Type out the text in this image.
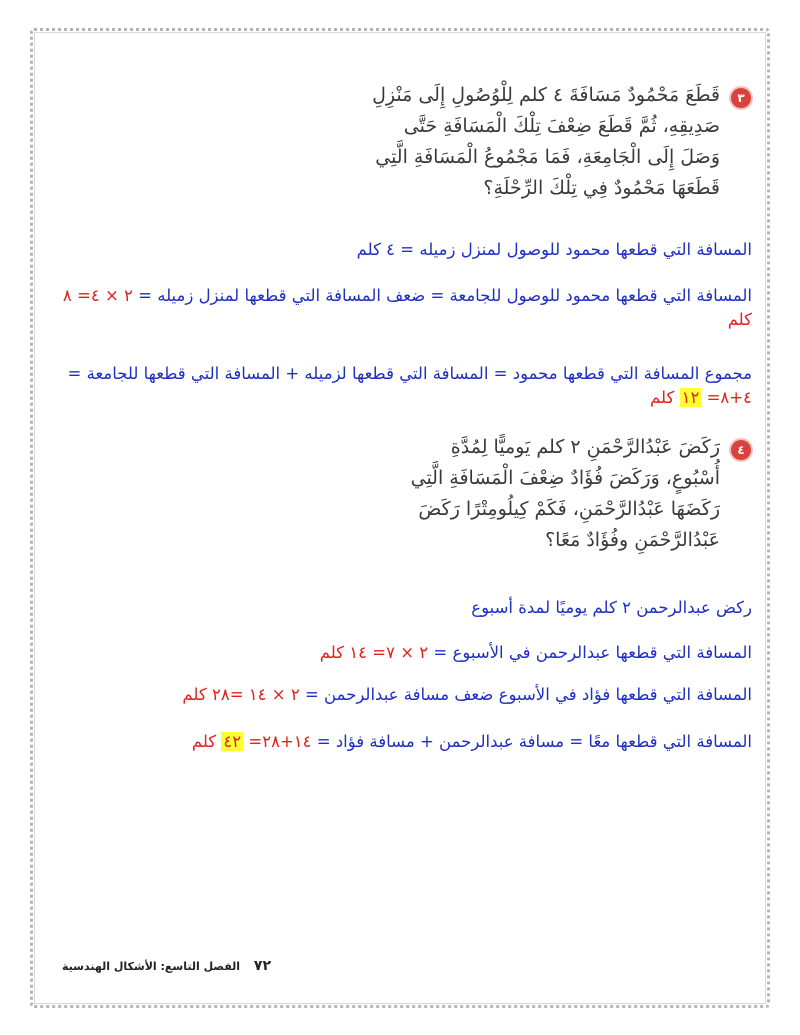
٣
قَطَعَ مَحْمُودٌ مَسَافَةَ ٤ كلم لِلْوُصُولِ إِلَى مَنْزِلِ
صَدِيقِهِ، ثُمَّ قَطَعَ ضِعْفَ تِلْكَ الْمَسَافَةِ حَتَّى
وَصَلَ إِلَى الْجَامِعَةِ، فَمَا مَجْمُوعُ الْمَسَافَةِ الَّتِي
قَطَعَهَا مَحْمُودٌ فِي تِلْكَ الرِّحْلَةِ؟
المسافة التي قطعها محمود للوصول لمنزل زميله = ٤ كلم
المسافة التي قطعها محمود للوصول للجامعة = ضعف المسافة التي قطعها لمنزل زميله = ٢ × ٤= ٨ كلم
مجموع المسافة التي قطعها محمود = المسافة التي قطعها لزميله + المسافة التي قطعها للجامعة = ٤+٨= ١٢ كلم
٤
رَكَضَ عَبْدُالرَّحْمَنِ ٢ كلم يَوميًّا لِمُدَّةِ
أُسْبُوعٍ، وَرَكَضَ فُؤَادٌ ضِعْفَ الْمَسَافَةِ الَّتِي
رَكَضَهَا عَبْدُالرَّحْمَنِ، فَكَمْ كِيلُومِتْرًا رَكَضَ
عَبْدُالرَّحْمَنِ وفُؤَادٌ مَعًا؟
ركض عبدالرحمن ٢ كلم يوميًا لمدة أسبوع
المسافة التي قطعها عبدالرحمن في الأسبوع = ٢ × ٧= ١٤ كلم
المسافة التي قطعها فؤاد في الأسبوع ضعف مسافة عبدالرحمن = ٢ × ١٤ =٢٨ كلم
المسافة التي قطعها معًا = مسافة عبدالرحمن + مسافة فؤاد = ١٤+٢٨= ٤٢ كلم
٧٢ الفصل التاسع: الأشكال الهندسية
